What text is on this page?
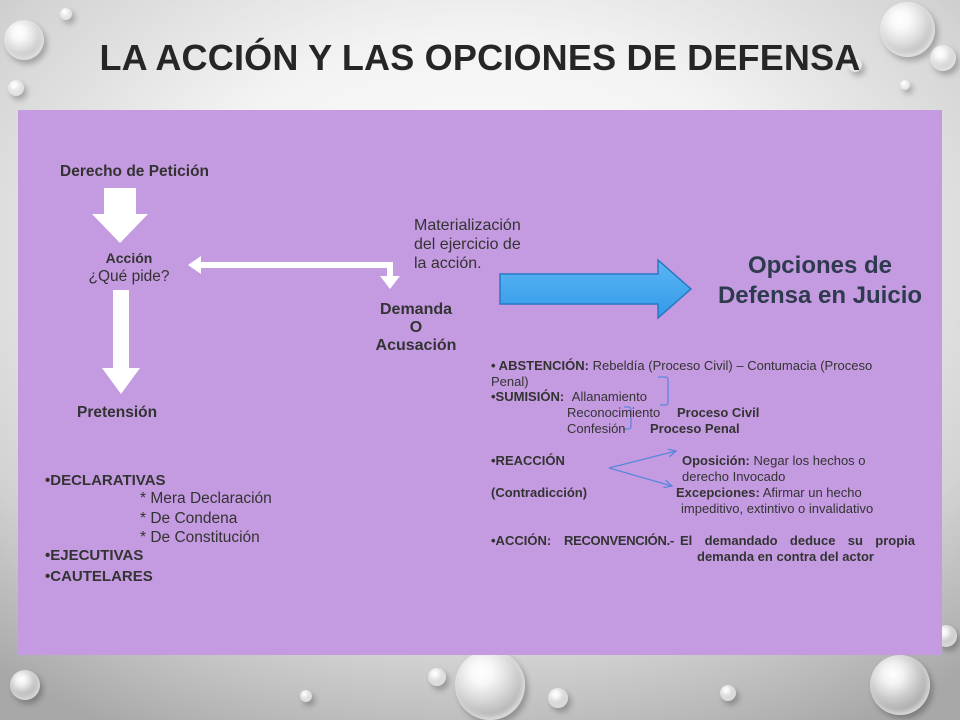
LA ACCIÓN Y LAS OPCIONES DE DEFENSA
Derecho de Petición
Acción
¿Qué pide?
Pretensión
Materialización
del ejercicio de
la acción.
Demanda
O
Acusación
Opciones de
Defensa en Juicio
•DECLARATIVAS
* Mera Declaración
* De Condena
* De Constitución
•EJECUTIVAS
•CAUTELARES
• ABSTENCIÓN: Rebeldía (Proceso Civil) – Contumacia (Proceso
Penal)
•SUMISIÓN: Allanamiento
Reconocimiento Proceso Civil
Confesión Proceso Penal
•REACCIÓN
(Contradicción)
Oposición: Negar los hechos o
derecho Invocado
Excepciones: Afirmar un hecho
impeditivo, extintivo o invalidativo
•ACCIÓN: RECONVENCIÓN.- El demandado deduce su propia
demanda en contra del actor
